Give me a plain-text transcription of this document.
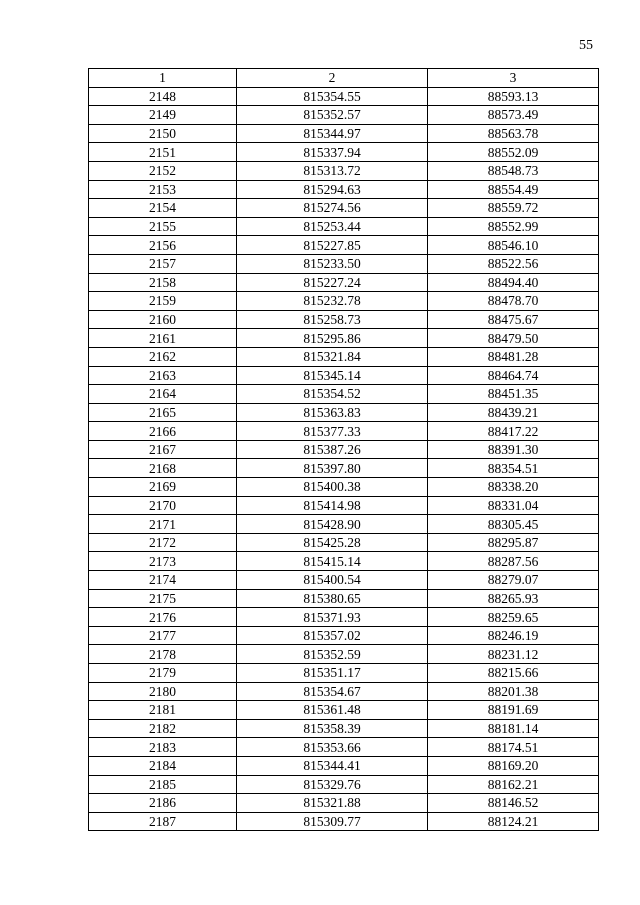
55
1	2	3
2148	815354.55	88593.13
2149	815352.57	88573.49
2150	815344.97	88563.78
2151	815337.94	88552.09
2152	815313.72	88548.73
2153	815294.63	88554.49
2154	815274.56	88559.72
2155	815253.44	88552.99
2156	815227.85	88546.10
2157	815233.50	88522.56
2158	815227.24	88494.40
2159	815232.78	88478.70
2160	815258.73	88475.67
2161	815295.86	88479.50
2162	815321.84	88481.28
2163	815345.14	88464.74
2164	815354.52	88451.35
2165	815363.83	88439.21
2166	815377.33	88417.22
2167	815387.26	88391.30
2168	815397.80	88354.51
2169	815400.38	88338.20
2170	815414.98	88331.04
2171	815428.90	88305.45
2172	815425.28	88295.87
2173	815415.14	88287.56
2174	815400.54	88279.07
2175	815380.65	88265.93
2176	815371.93	88259.65
2177	815357.02	88246.19
2178	815352.59	88231.12
2179	815351.17	88215.66
2180	815354.67	88201.38
2181	815361.48	88191.69
2182	815358.39	88181.14
2183	815353.66	88174.51
2184	815344.41	88169.20
2185	815329.76	88162.21
2186	815321.88	88146.52
2187	815309.77	88124.21
